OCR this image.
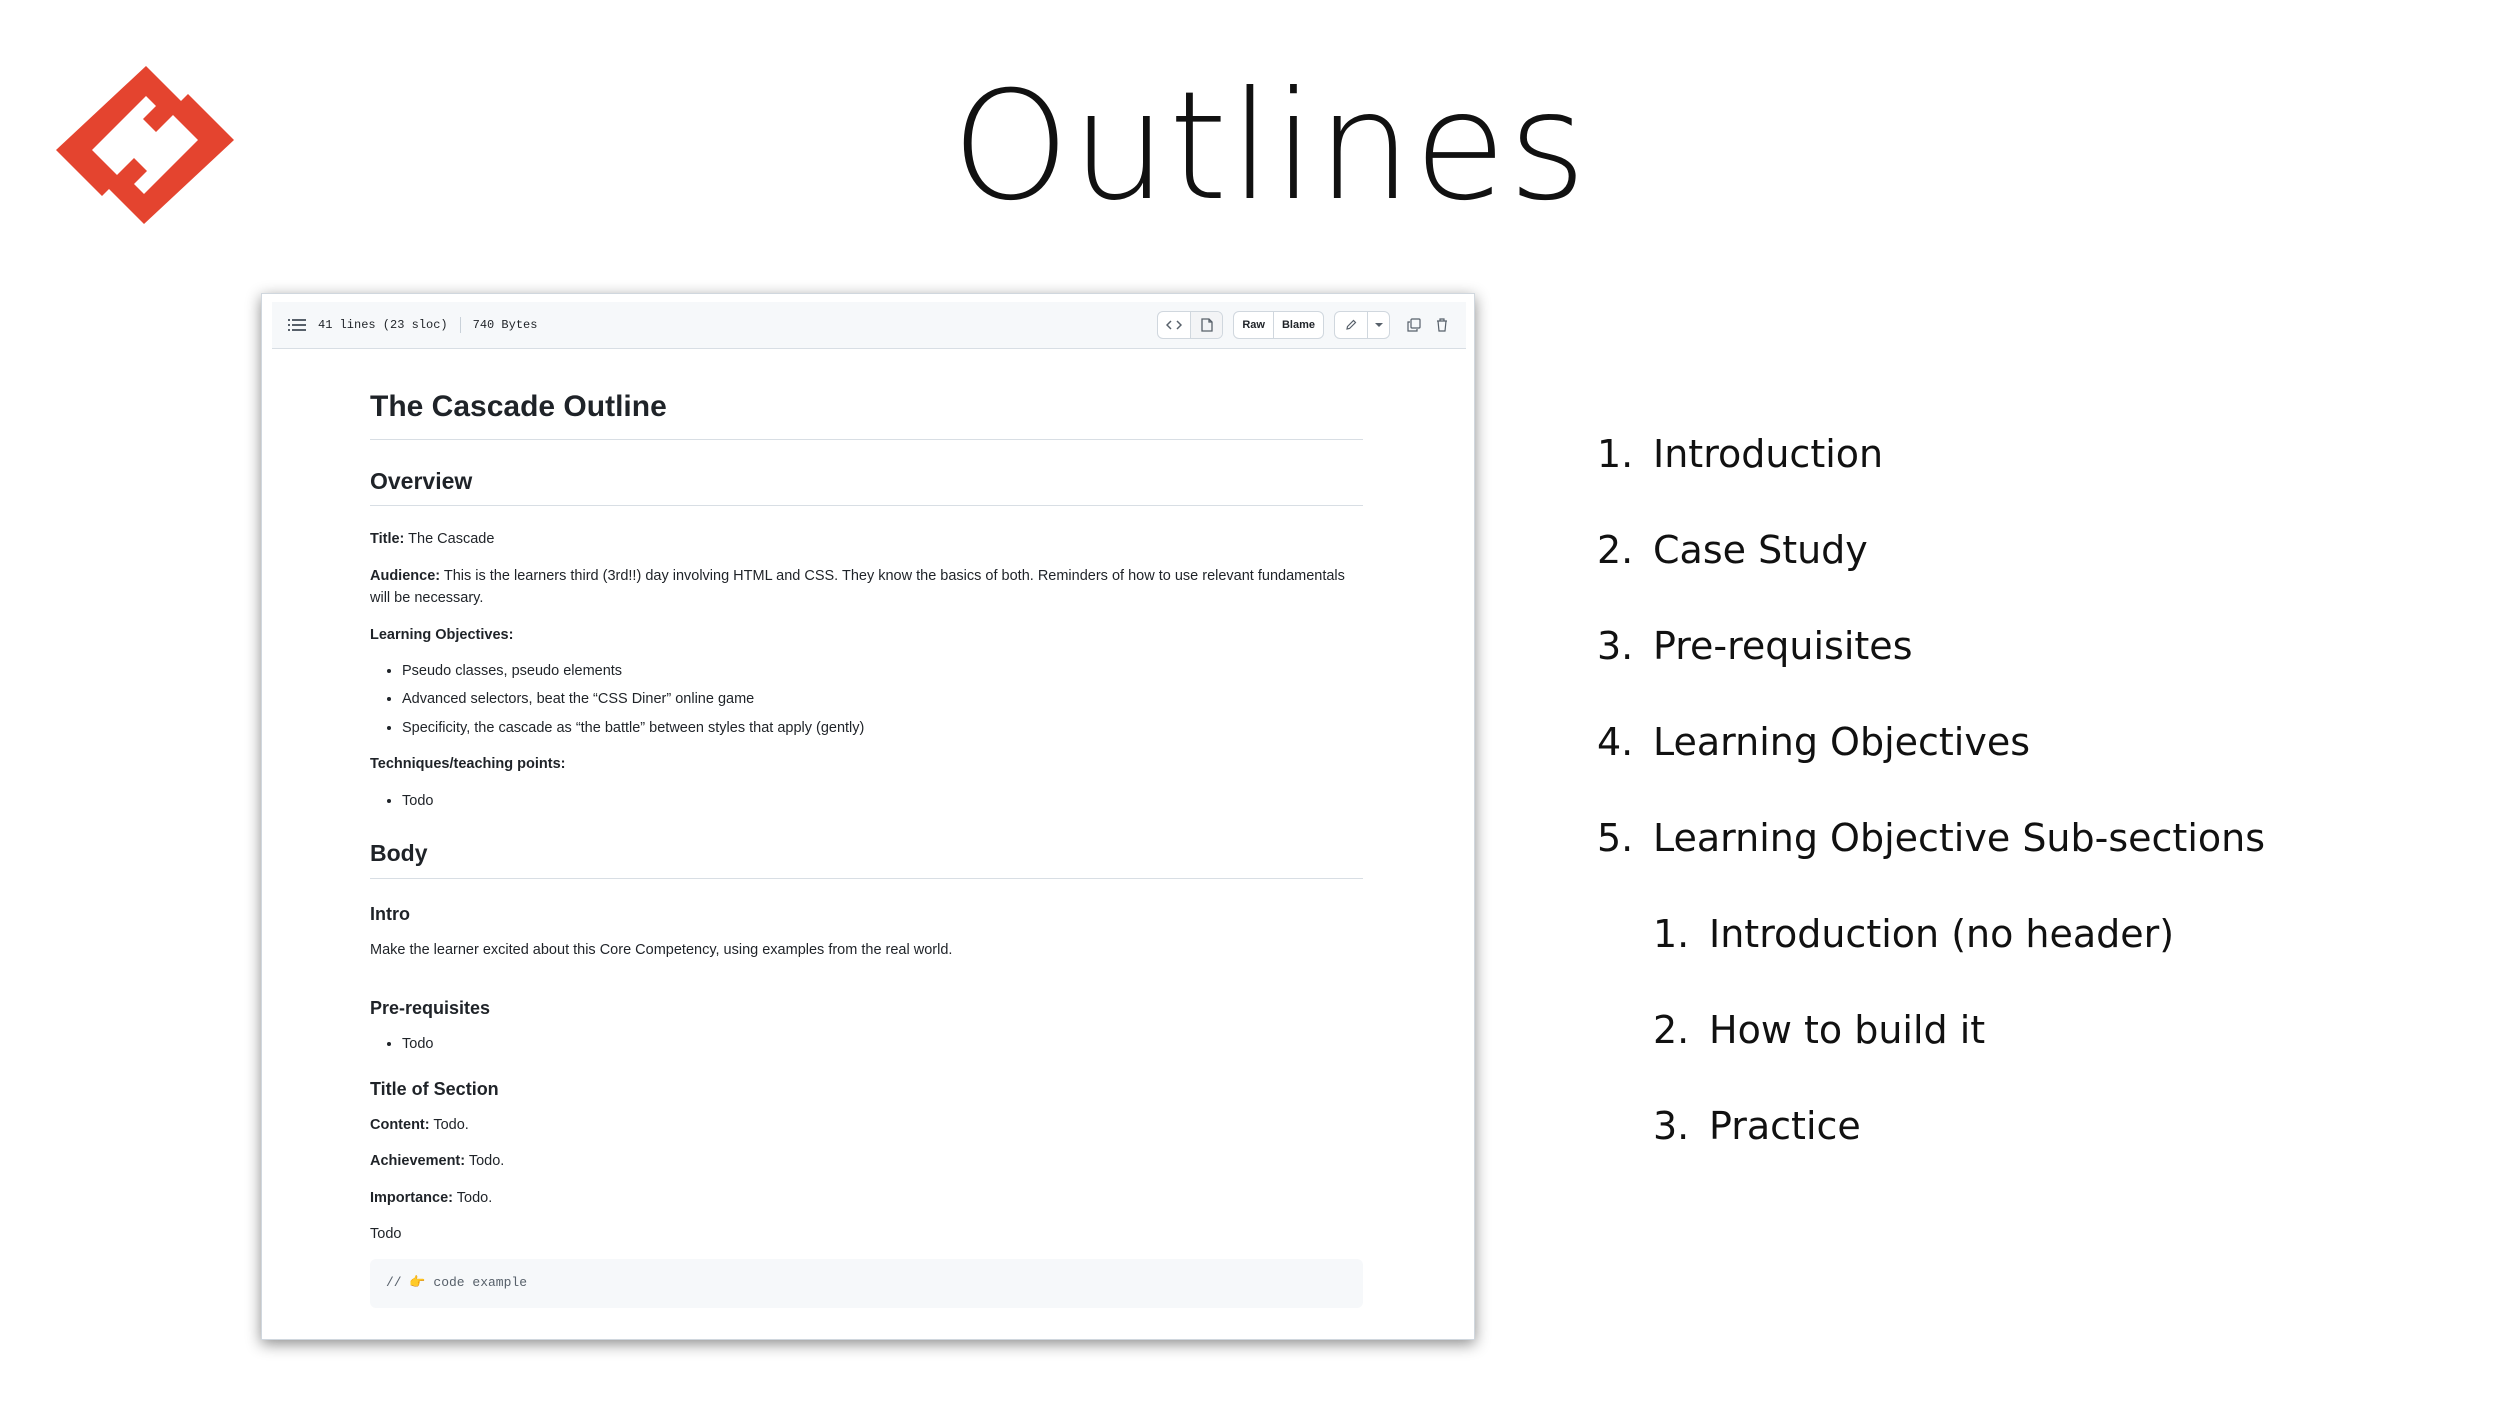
Outlines
41 lines (23 sloc) 740 Bytes	Raw	Blame
The Cascade Outline
Overview

Title: The Cascade

Audience: This is the learners third (3rd!!) day involving HTML and CSS. They know the basics of both. Reminders of how to use relevant fundamentals will be necessary.

Learning Objectives:

• Pseudo classes, pseudo elements
• Advanced selectors, beat the “CSS Diner” online game
• Specificity, the cascade as “the battle” between styles that apply (gently)

Techniques/teaching points:

• Todo
Body
Intro

Make the learner excited about this Core Competency, using examples from the real world.

Pre-requisites
• Todo
Title of Section

Content: Todo.

Achievement: Todo.

Importance: Todo.

Todo

// 👉 code example
1. Introduction
2. Case Study
3. Pre-requisites
4. Learning Objectives
5. Learning Objective Sub-sections
1. Introduction (no header)
2. How to build it
3. Practice
